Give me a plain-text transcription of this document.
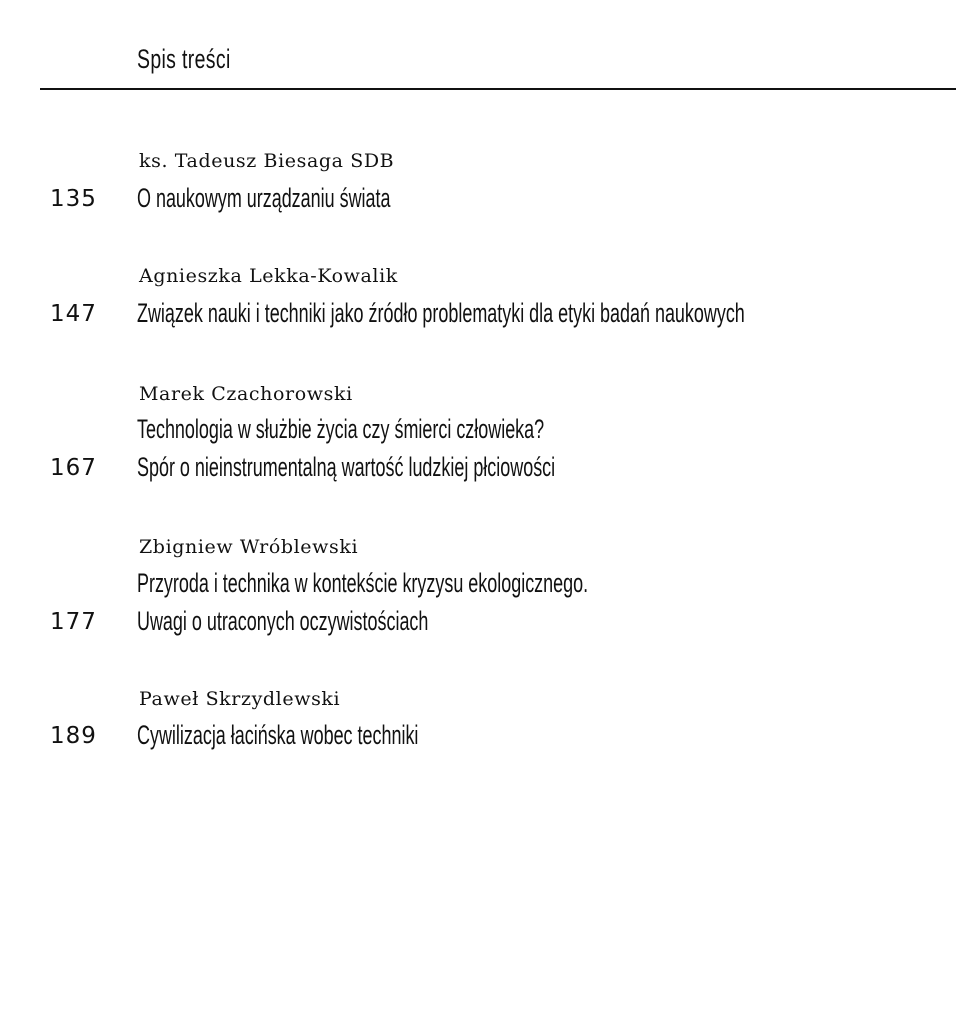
Spis treści
ks. Tadeusz Biesaga SDB
O naukowym urządzaniu świata
135
Agnieszka Lekka-Kowalik
Związek nauki i techniki jako źródło problematyki dla etyki badań naukowych
147
Marek Czachorowski
Technologia w służbie życia czy śmierci człowieka?
Spór o nieinstrumentalną wartość ludzkiej płciowości
167
Zbigniew Wróblewski
Przyroda i technika w kontekście kryzysu ekologicznego.
Uwagi o utraconych oczywistościach
177
Paweł Skrzydlewski
Cywilizacja łacińska wobec techniki
189
